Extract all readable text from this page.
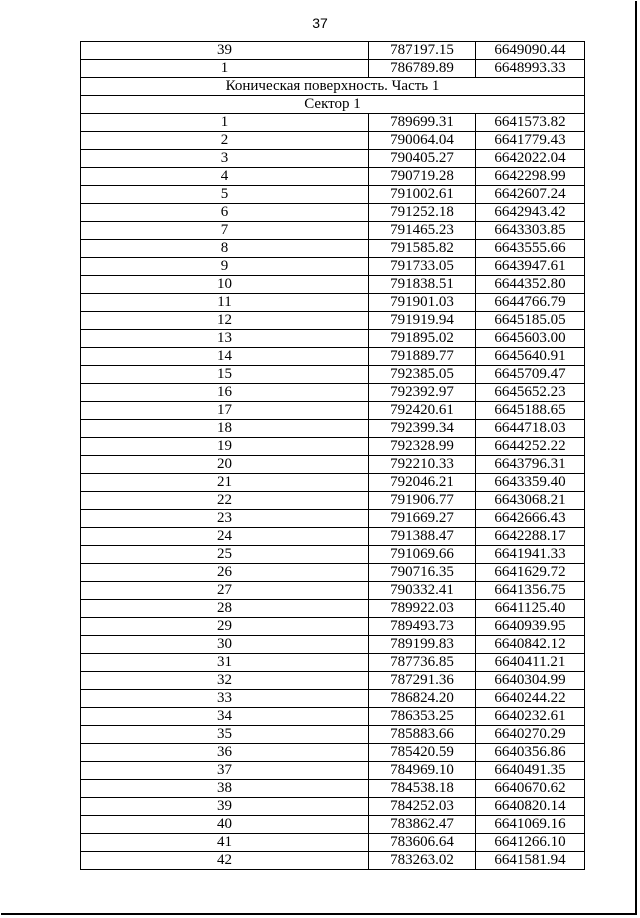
37
39	787197.15	6649090.44
1	786789.89	6648993.33
Коническая поверхность. Часть 1		
Сектор 1		
1	789699.31	6641573.82
2	790064.04	6641779.43
3	790405.27	6642022.04
4	790719.28	6642298.99
5	791002.61	6642607.24
6	791252.18	6642943.42
7	791465.23	6643303.85
8	791585.82	6643555.66
9	791733.05	6643947.61
10	791838.51	6644352.80
11	791901.03	6644766.79
12	791919.94	6645185.05
13	791895.02	6645603.00
14	791889.77	6645640.91
15	792385.05	6645709.47
16	792392.97	6645652.23
17	792420.61	6645188.65
18	792399.34	6644718.03
19	792328.99	6644252.22
20	792210.33	6643796.31
21	792046.21	6643359.40
22	791906.77	6643068.21
23	791669.27	6642666.43
24	791388.47	6642288.17
25	791069.66	6641941.33
26	790716.35	6641629.72
27	790332.41	6641356.75
28	789922.03	6641125.40
29	789493.73	6640939.95
30	789199.83	6640842.12
31	787736.85	6640411.21
32	787291.36	6640304.99
33	786824.20	6640244.22
34	786353.25	6640232.61
35	785883.66	6640270.29
36	785420.59	6640356.86
37	784969.10	6640491.35
38	784538.18	6640670.62
39	784252.03	6640820.14
40	783862.47	6641069.16
41	783606.64	6641266.10
42	783263.02	6641581.94
